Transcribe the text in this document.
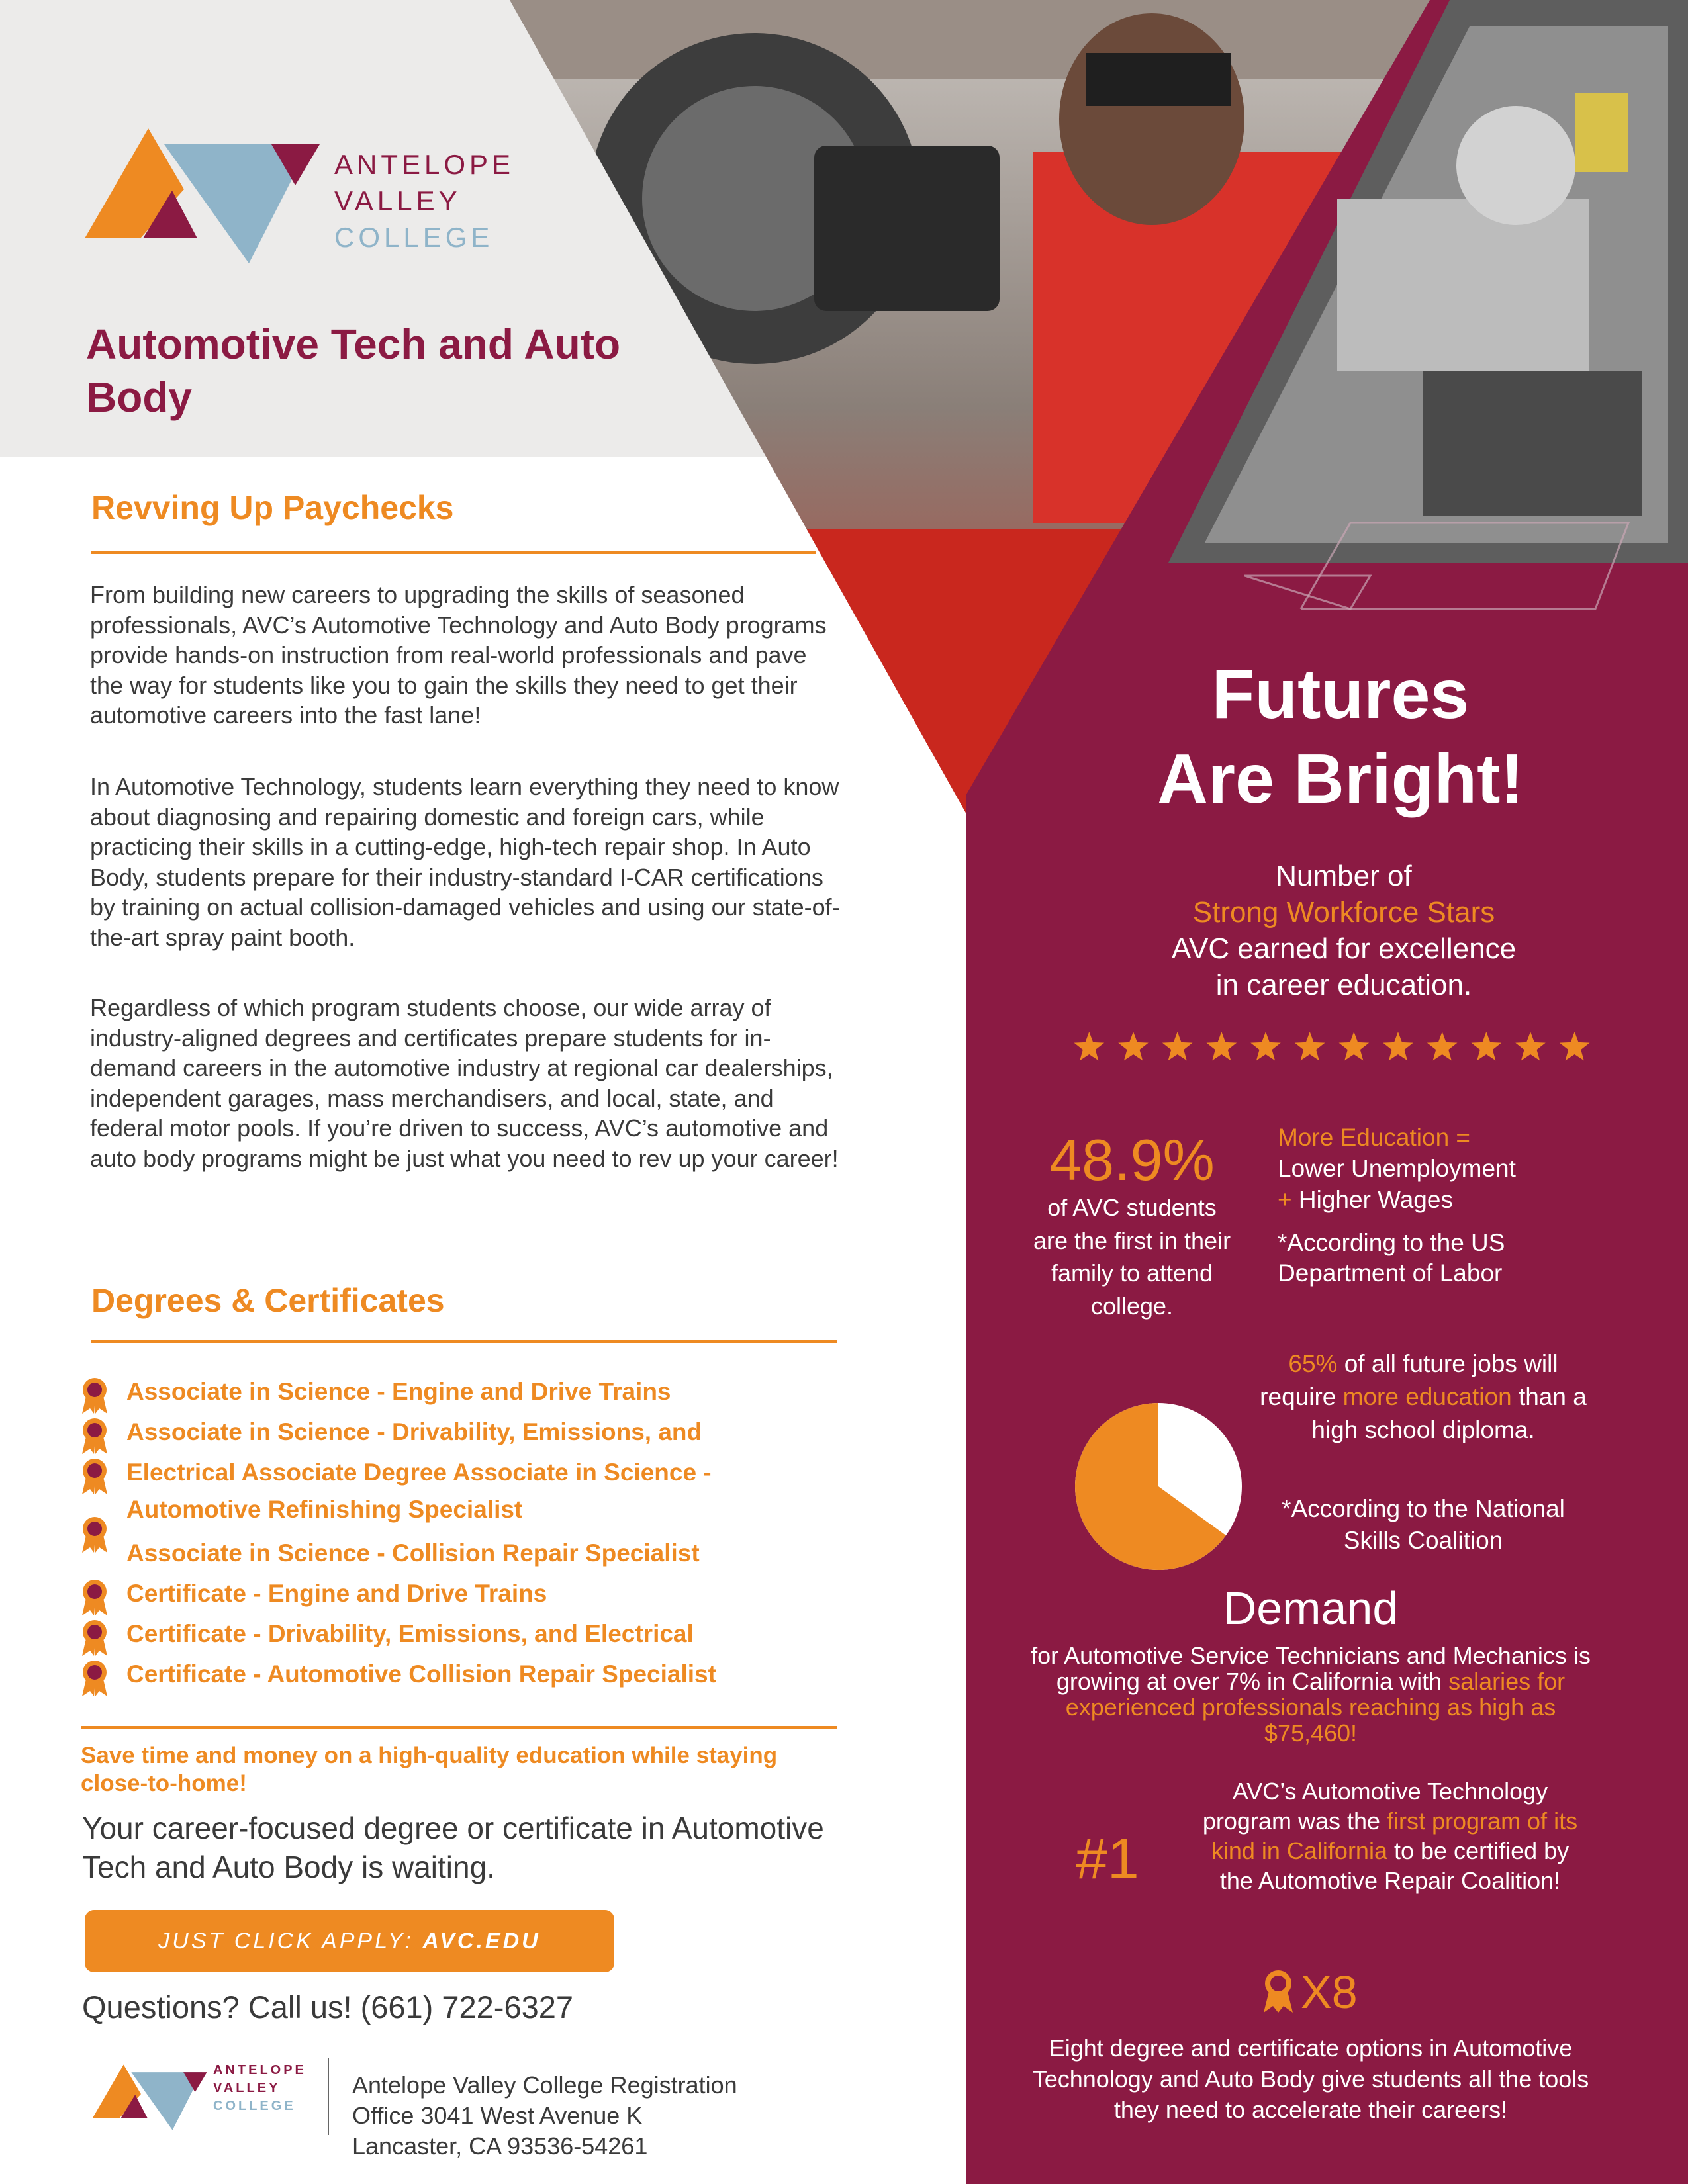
ANTELOPE
VALLEY
COLLEGE
Automotive Tech and Auto Body
Revving Up Paychecks

From building new careers to upgrading the skills of seasoned professionals, AVC’s Automotive Technology and Auto Body programs provide hands-on instruction from real-world professionals and pave the way for students like you to gain the skills they need to get their automotive careers into the fast lane!

In Automotive Technology, students learn everything they need to know about diagnosing and repairing domestic and foreign cars, while practicing their skills in a cutting-edge, high-tech repair shop. In Auto Body, students prepare for their industry-standard I-CAR certifications by training on actual collision-damaged vehicles and using our state-of-the-art spray paint booth.

Regardless of which program students choose, our wide array of industry-aligned degrees and certificates prepare students for in-demand careers in the automotive industry at regional car dealerships, independent garages, mass merchandisers, and local, state, and federal motor pools. If you’re driven to success, AVC’s automotive and auto body programs might be just what you need to rev up your career!

Degrees & Certificates
Associate in Science - Engine and Drive Trains
Associate in Science - Drivability, Emissions, and
Electrical Associate Degree Associate in Science -
Automotive Reﬁnishing Specialist
Associate in Science - Collision Repair Specialist
Certiﬁcate - Engine and Drive Trains
Certiﬁcate - Drivability, Emissions, and Electrical
Certiﬁcate - Automotive Collision Repair Specialist
Save time and money on a high-quality education while staying close-to-home!
Your career-focused degree or certificate in Automotive Tech and Auto Body is waiting.
JUST CLICK APPLY: AVC.EDU
Questions? Call us! (661) 722-6327
ANTELOPE
VALLEY
COLLEGE
Antelope Valley College Registration
Office 3041 West Avenue K
Lancaster, CA 93536-54261
Futures
Are Bright!
Number of
Strong Workforce Stars
AVC earned for excellence
in career education.
48.9%
of AVC students are the first in their family to attend college.
More Education =
Lower Unemployment
+ Higher Wages
*According to the US Department of Labor
65% of all future jobs will require more education than a high school diploma.
*According to the National Skills Coalition
Demand
for Automotive Service Technicians and Mechanics is growing at over 7% in California with salaries for experienced professionals reaching as high as $75,460!
#1
AVC’s Automotive Technology program was the first program of its kind in California to be certified by the Automotive Repair Coalition!
X8
Eight degree and certificate options in Automotive Technology and Auto Body give students all the tools they need to accelerate their careers!
